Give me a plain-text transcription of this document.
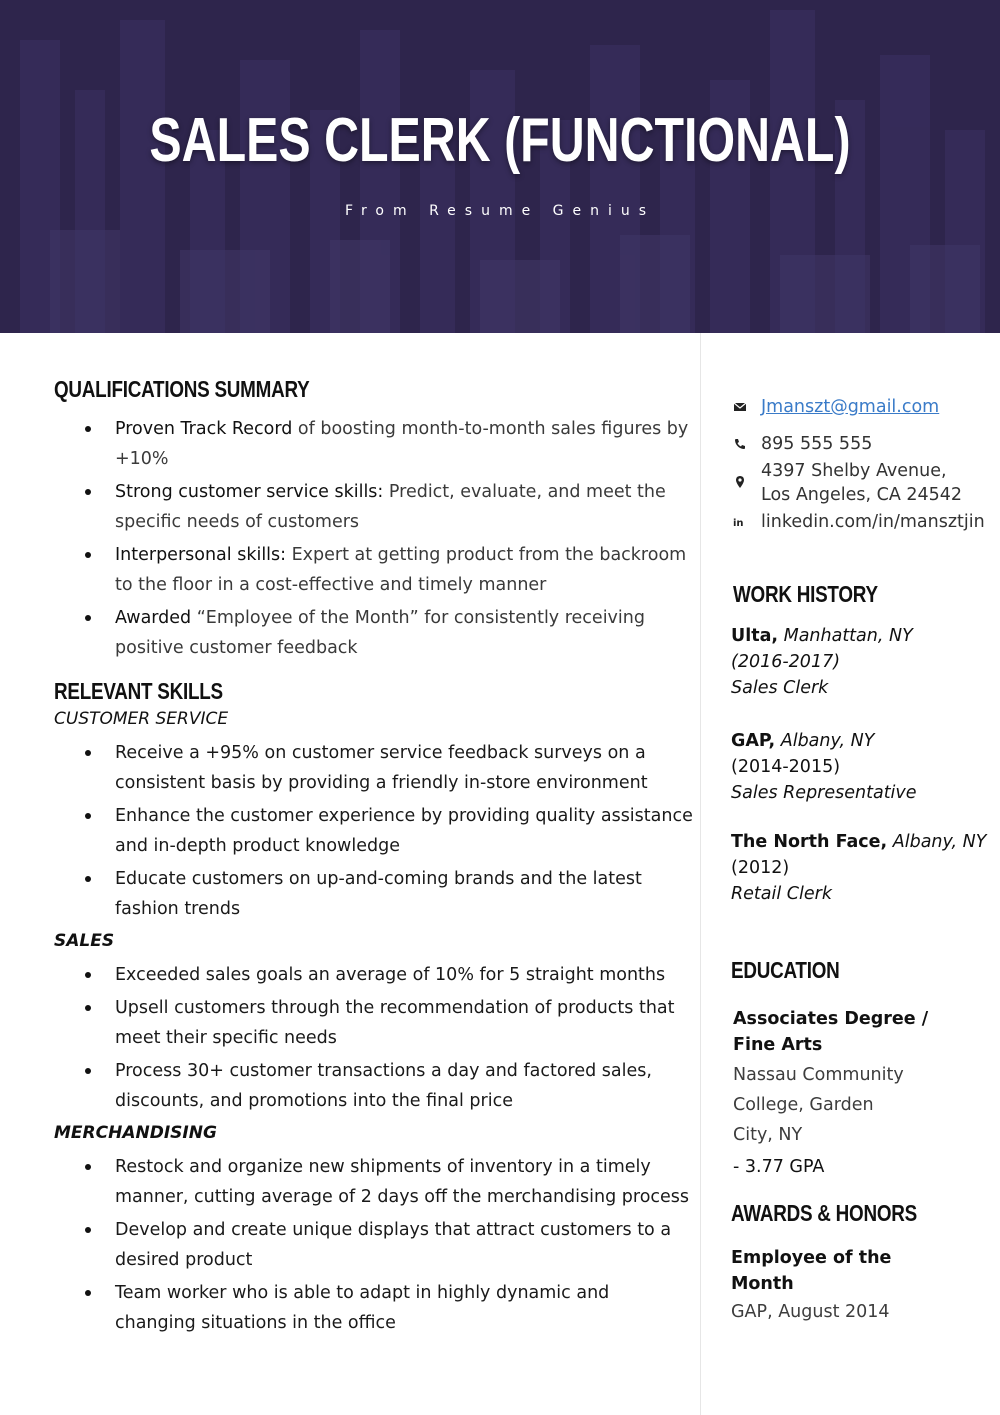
SALES CLERK (FUNCTIONAL)
From Resume Genius
QUALIFICATIONS SUMMARY
Proven Track Record of boosting month-to-month sales figures by +10%
Strong customer service skills: Predict, evaluate, and meet the specific needs of customers
Interpersonal skills: Expert at getting product from the backroom to the floor in a cost-effective and timely manner
Awarded “Employee of the Month” for consistently receiving positive customer feedback
RELEVANT SKILLS
CUSTOMER SERVICE
Receive a +95% on customer service feedback surveys on a consistent basis by providing a friendly in-store environment
Enhance the customer experience by providing quality assistance and in-depth product knowledge
Educate customers on up-and-coming brands and the latest fashion trends
SALES
Exceeded sales goals an average of 10% for 5 straight months
Upsell customers through the recommendation of products that meet their specific needs
Process 30+ customer transactions a day and factored sales, discounts, and promotions into the final price
MERCHANDISING
Restock and organize new shipments of inventory in a timely manner, cutting average of 2 days off the merchandising process
Develop and create unique displays that attract customers to a desired product
Team worker who is able to adapt in highly dynamic and changing situations in the office
Jmanszt@gmail.com
895 555 555
4397 Shelby Avenue,
Los Angeles, CA 24542
in linkedin.com/in/mansztjin
WORK HISTORY
Ulta, Manhattan, NY
(2016-2017)
Sales Clerk
GAP, Albany, NY
(2014-2015)
Sales Representative
The North Face, Albany, NY
(2012)
Retail Clerk
EDUCATION
Associates Degree /
Fine Arts
Nassau Community
College, Garden
City, NY
- 3.77 GPA
AWARDS & HONORS
Employee of the
Month
GAP, August 2014
